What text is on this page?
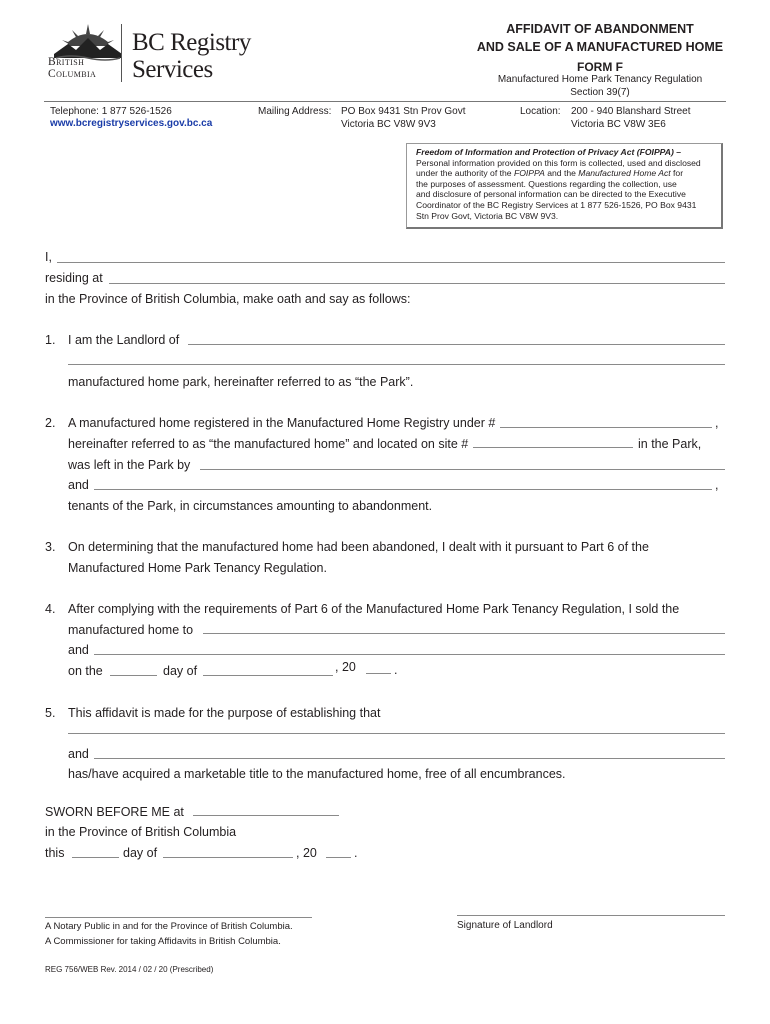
British
Columbia
BC Registry
Services
AFFIDAVIT OF ABANDONMENT
AND SALE OF A MANUFACTURED HOME
FORM F
Manufactured Home Park Tenancy Regulation
Section 39(7)
Telephone: 1 877 526-1526
www.bcregistryservices.gov.bc.ca
Mailing Address: PO Box 9431 Stn Prov Govt
Victoria BC V8W 9V3
Location: 200 - 940 Blanshard Street
Victoria BC V8W 3E6
Freedom of Information and Protection of Privacy Act (FOIPPA) –
Personal information provided on this form is collected, used and disclosed
under the authority of the FOIPPA and the Manufactured Home Act for
the purposes of assessment. Questions regarding the collection, use
and disclosure of personal information can be directed to the Executive
Coordinator of the BC Registry Services at 1 877 526-1526, PO Box 9431
Stn Prov Govt, Victoria BC V8W 9V3.
I,
residing at
in the Province of British Columbia, make oath and say as follows:
1. I am the Landlord of
manufactured home park, hereinafter referred to as “the Park”.
2. A manufactured home registered in the Manufactured Home Registry under #	,
hereinafter referred to as “the manufactured home” and located on site #	in the Park,
was left in the Park by
and	,
tenants of the Park, in circumstances amounting to abandonment.
3. On determining that the manufactured home had been abandoned, I dealt with it pursuant to Part 6 of the
Manufactured Home Park Tenancy Regulation.
4. After complying with the requirements of Part 6 of the Manufactured Home Park Tenancy Regulation, I sold the
manufactured home to
and
on the	day of	, 20	.
5. This affidavit is made for the purpose of establishing that
and
has/have acquired a marketable title to the manufactured home, free of all encumbrances.
SWORN BEFORE ME at
in the Province of British Columbia
this	day of	, 20	.
A Notary Public in and for the Province of British Columbia.
A Commissioner for taking Affidavits in British Columbia.
Signature of Landlord
REG 756/WEB Rev. 2014 / 02 / 20 (Prescribed)
